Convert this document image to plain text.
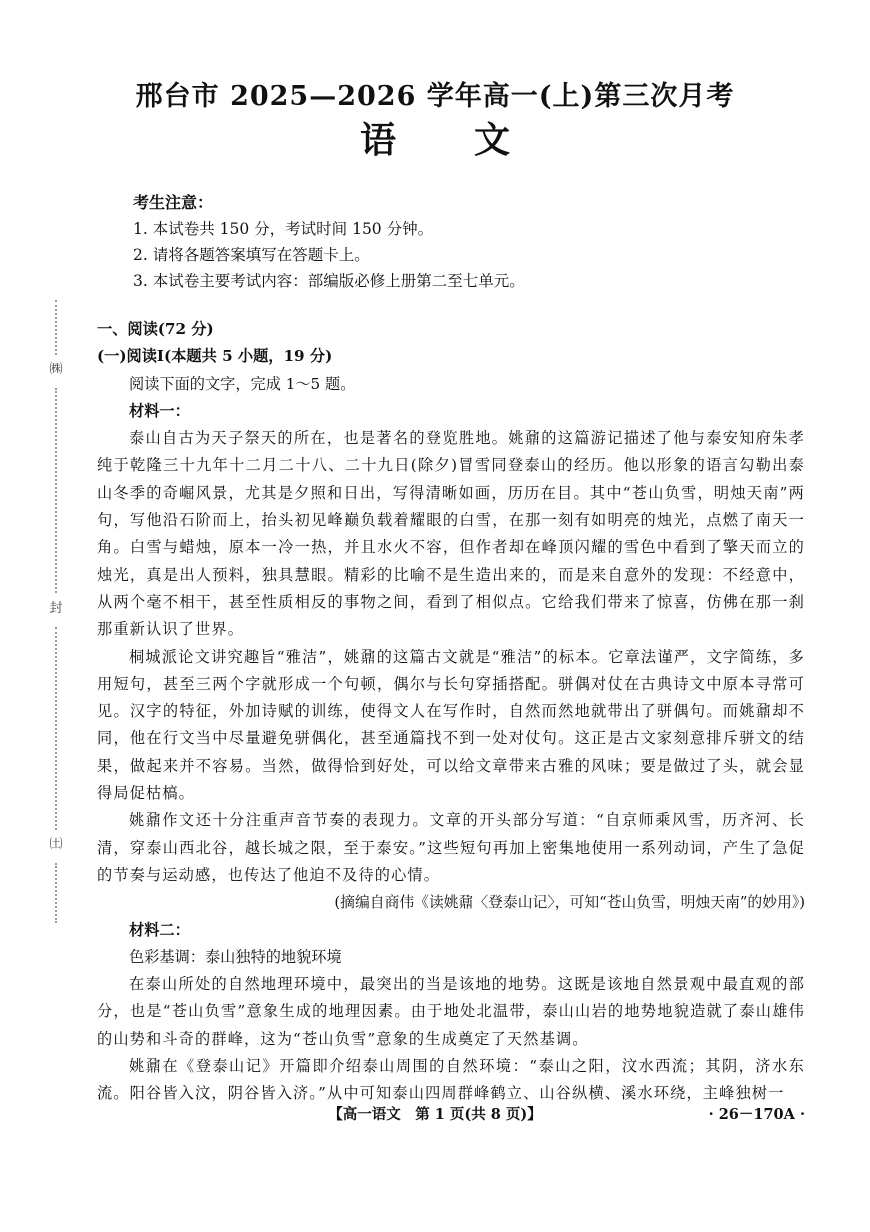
㈱
封
㈯
邢台市 2025—2026 学年高一(上)第三次月考
语 文
考生注意：
1. 本试卷共 150 分，考试时间 150 分钟。
2. 请将各题答案填写在答题卡上。
3. 本试卷主要考试内容：部编版必修上册第二至七单元。
一、阅读(72 分)
(一)阅读Ⅰ(本题共 5 小题，19 分)
阅读下面的文字，完成 1～5 题。
材料一：

泰山自古为天子祭天的所在，也是著名的登览胜地。姚鼐的这篇游记描述了他与泰安知府朱孝纯于乾隆三十九年十二月二十八、二十九日(除夕)冒雪同登泰山的经历。他以形象的语言勾勒出泰山冬季的奇崛风景，尤其是夕照和日出，写得清晰如画，历历在目。其中“苍山负雪，明烛天南”两句，写他沿石阶而上，抬头初见峰巅负载着耀眼的白雪，在那一刻有如明亮的烛光，点燃了南天一角。白雪与蜡烛，原本一冷一热，并且水火不容，但作者却在峰顶闪耀的雪色中看到了擎天而立的烛光，真是出人预料，独具慧眼。精彩的比喻不是生造出来的，而是来自意外的发现：不经意中，从两个毫不相干，甚至性质相反的事物之间，看到了相似点。它给我们带来了惊喜，仿佛在那一刹那重新认识了世界。

桐城派论文讲究趣旨“雅洁”，姚鼐的这篇古文就是“雅洁”的标本。它章法谨严，文字简练，多用短句，甚至三两个字就形成一个句顿，偶尔与长句穿插搭配。骈偶对仗在古典诗文中原本寻常可见。汉字的特征，外加诗赋的训练，使得文人在写作时，自然而然地就带出了骈偶句。而姚鼐却不同，他在行文当中尽量避免骈偶化，甚至通篇找不到一处对仗句。这正是古文家刻意排斥骈文的结果，做起来并不容易。当然，做得恰到好处，可以给文章带来古雅的风味；要是做过了头，就会显得局促枯槁。

姚鼐作文还十分注重声音节奏的表现力。文章的开头部分写道：“自京师乘风雪，历齐河、长清，穿泰山西北谷，越长城之限，至于泰安。”这些短句再加上密集地使用一系列动词，产生了急促的节奏与运动感，也传达了他迫不及待的心情。

(摘编自商伟《读姚鼐〈登泰山记〉，可知“苍山负雪，明烛天南”的妙用》)
材料二：
色彩基调：泰山独特的地貌环境

在泰山所处的自然地理环境中，最突出的当是该地的地势。这既是该地自然景观中最直观的部分，也是“苍山负雪”意象生成的地理因素。由于地处北温带，泰山山岩的地势地貌造就了泰山雄伟的山势和斗奇的群峰，这为“苍山负雪”意象的生成奠定了天然基调。

姚鼐在《登泰山记》开篇即介绍泰山周围的自然环境：“泰山之阳，汶水西流；其阴，济水东流。阳谷皆入汶，阴谷皆入济。”从中可知泰山四周群峰鹤立、山谷纵横、溪水环绕，主峰独树一

【高一语文　第 1 页(共 8 页)】	· 26－170A ·
